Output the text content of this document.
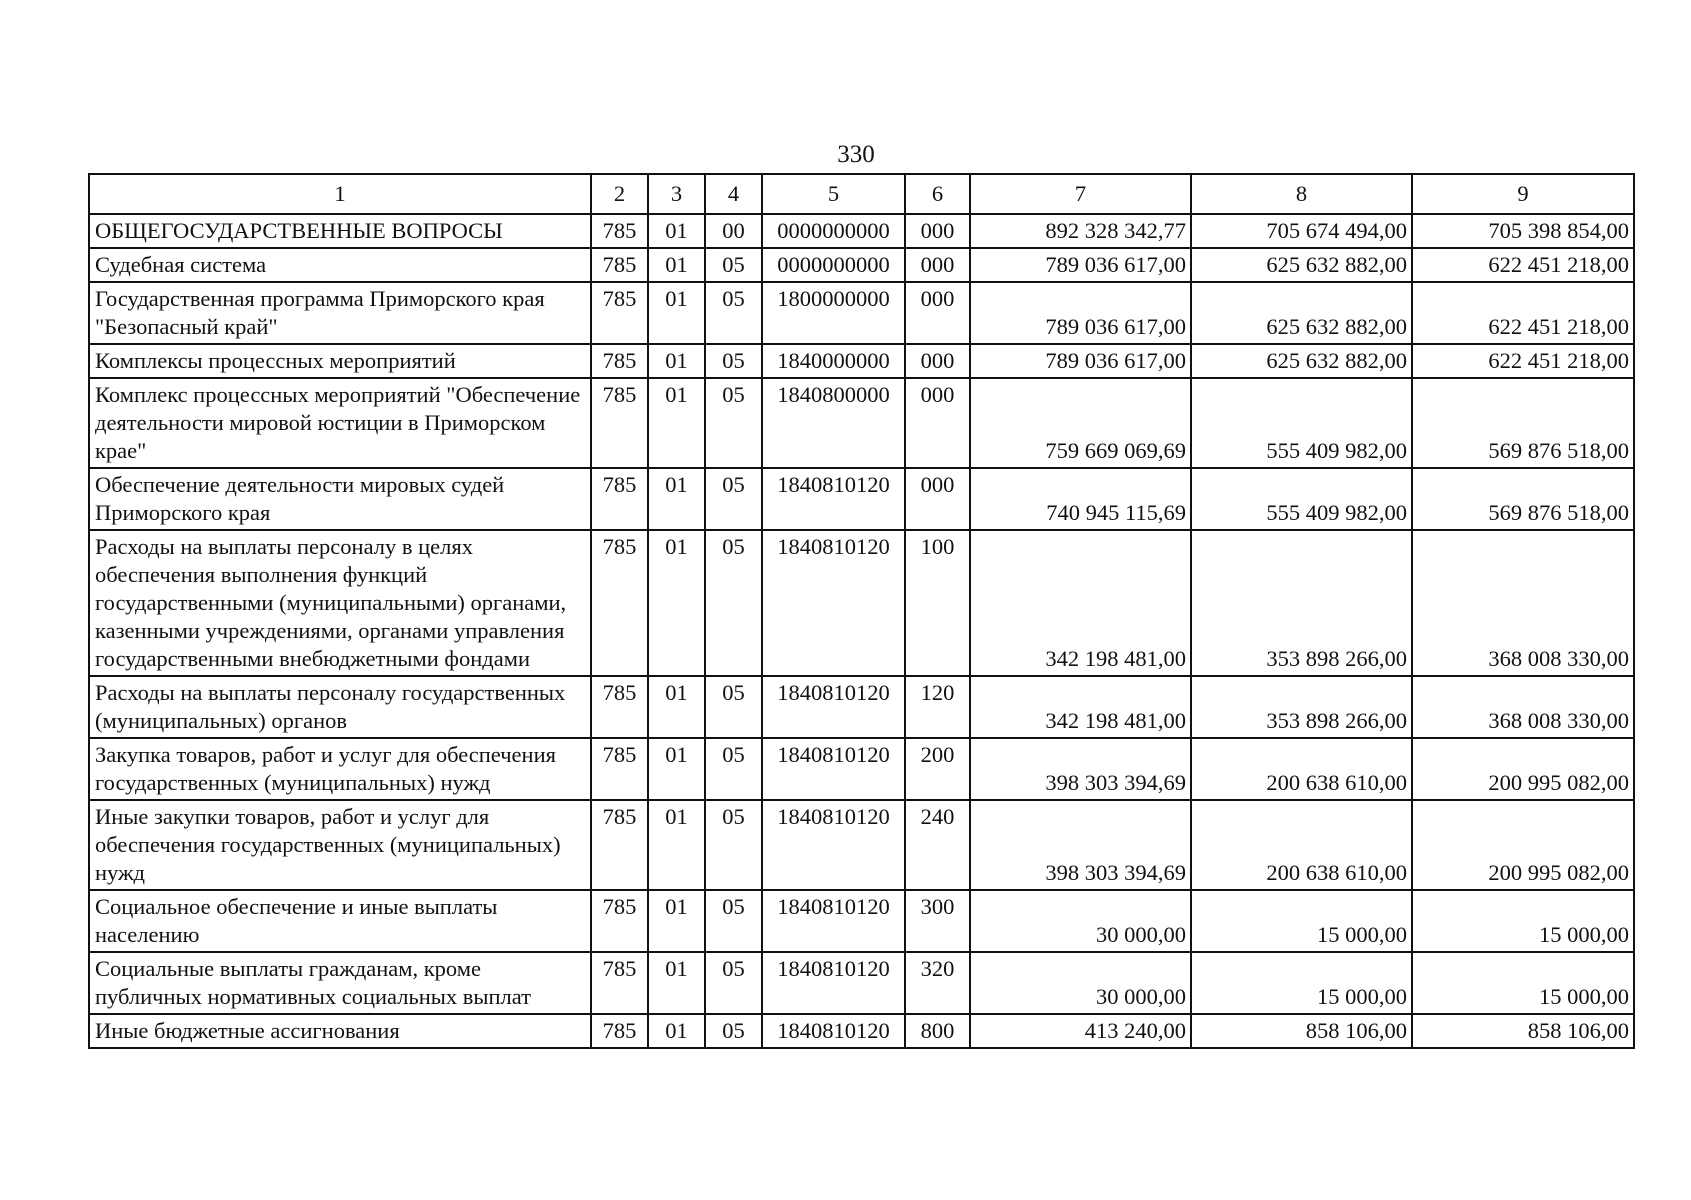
330
1	2	3	4	5	6	7	8	9
ОБЩЕГОСУДАРСТВЕННЫЕ ВОПРОСЫ	785	01	00	0000000000	000	892 328 342,77	705 674 494,00	705 398 854,00
Судебная система	785	01	05	0000000000	000	789 036 617,00	625 632 882,00	622 451 218,00
Государственная программа Приморского края "Безопасный край"	785	01	05	1800000000	000	789 036 617,00	625 632 882,00	622 451 218,00
Комплексы процессных мероприятий	785	01	05	1840000000	000	789 036 617,00	625 632 882,00	622 451 218,00
Комплекс процессных мероприятий "Обеспечение деятельности мировой юстиции в Приморском крае"	785	01	05	1840800000	000	759 669 069,69	555 409 982,00	569 876 518,00
Обеспечение деятельности мировых судей Приморского края	785	01	05	1840810120	000	740 945 115,69	555 409 982,00	569 876 518,00
Расходы на выплаты персоналу в целях обеспечения выполнения функций государственными (муниципальными) органами, казенными учреждениями, органами управления государственными внебюджетными фондами	785	01	05	1840810120	100	342 198 481,00	353 898 266,00	368 008 330,00
Расходы на выплаты персоналу государственных (муниципальных) органов	785	01	05	1840810120	120	342 198 481,00	353 898 266,00	368 008 330,00
Закупка товаров, работ и услуг для обеспечения государственных (муниципальных) нужд	785	01	05	1840810120	200	398 303 394,69	200 638 610,00	200 995 082,00
Иные закупки товаров, работ и услуг для обеспечения государственных (муниципальных) нужд	785	01	05	1840810120	240	398 303 394,69	200 638 610,00	200 995 082,00
Социальное обеспечение и иные выплаты населению	785	01	05	1840810120	300	30 000,00	15 000,00	15 000,00
Социальные выплаты гражданам, кроме публичных нормативных социальных выплат	785	01	05	1840810120	320	30 000,00	15 000,00	15 000,00
Иные бюджетные ассигнования	785	01	05	1840810120	800	413 240,00	858 106,00	858 106,00
